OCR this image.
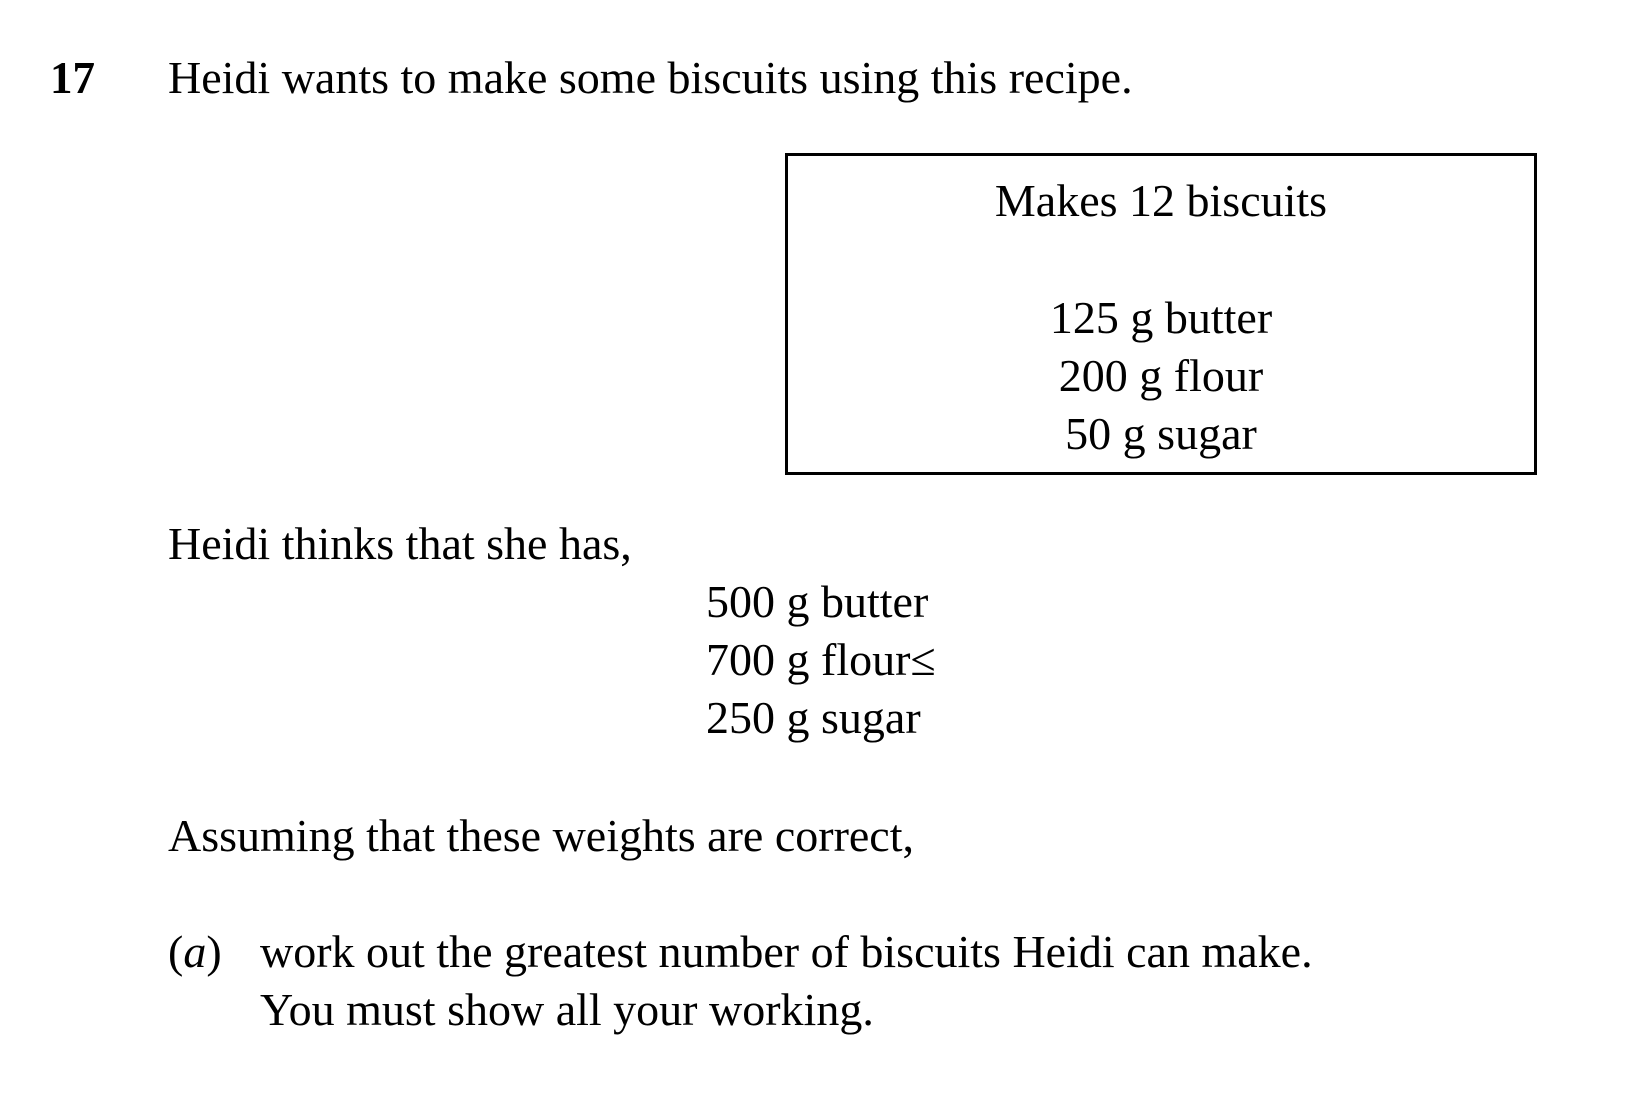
17 Heidi wants to make some biscuits using this recipe.
Makes 12 biscuits
125 g butter
200 g flour
50 g sugar
Heidi thinks that she has,
500 g butter
700 g flour≤
250 g sugar
Assuming that these weights are correct,
(a) work out the greatest number of biscuits Heidi can make.
You must show all your working.
